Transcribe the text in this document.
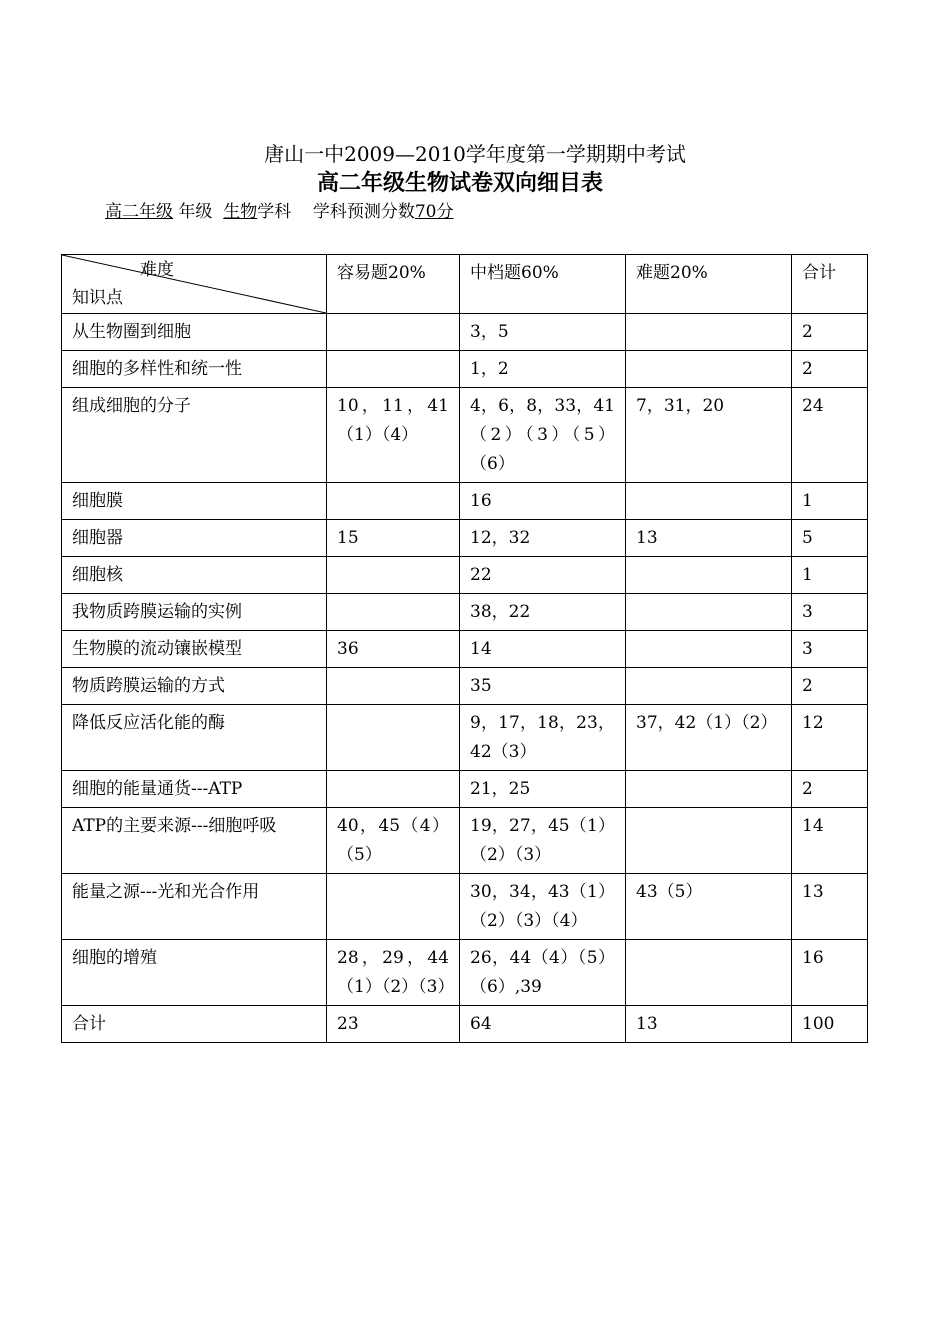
唐山一中2009—2010学年度第一学期期中考试
高二年级生物试卷双向细目表
高二年级 年级 生物学科 学科预测分数70分
难度
知识点	容易题20%	中档题60%	难题20%	合计
从生物圈到细胞		3，5		2
细胞的多样性和统一性		1，2		2
组成细胞的分子	10，11，41（1）（4）	4，6，8，33，41（2）（3）（5）（6）	7，31，20	24
细胞膜		16		1
细胞器	15	12，32	13	5
细胞核		22		1
我物质跨膜运输的实例		38，22		3
生物膜的流动镶嵌模型	36	14		3
物质跨膜运输的方式		35		2
降低反应活化能的酶		9，17，18，23，42（3）	37，42（1）（2）	12
细胞的能量通货---ATP		21，25		2
ATP的主要来源---细胞呼吸	40，45（4）（5）	19，27，45（1）（2）（3）		14
能量之源---光和光合作用		30，34，43（1）（2）（3）（4）	43（5）	13
细胞的增殖	28，29，44（1）（2）（3）	26，44（4）（5）（6）,39		16
合计	23	64	13	100
